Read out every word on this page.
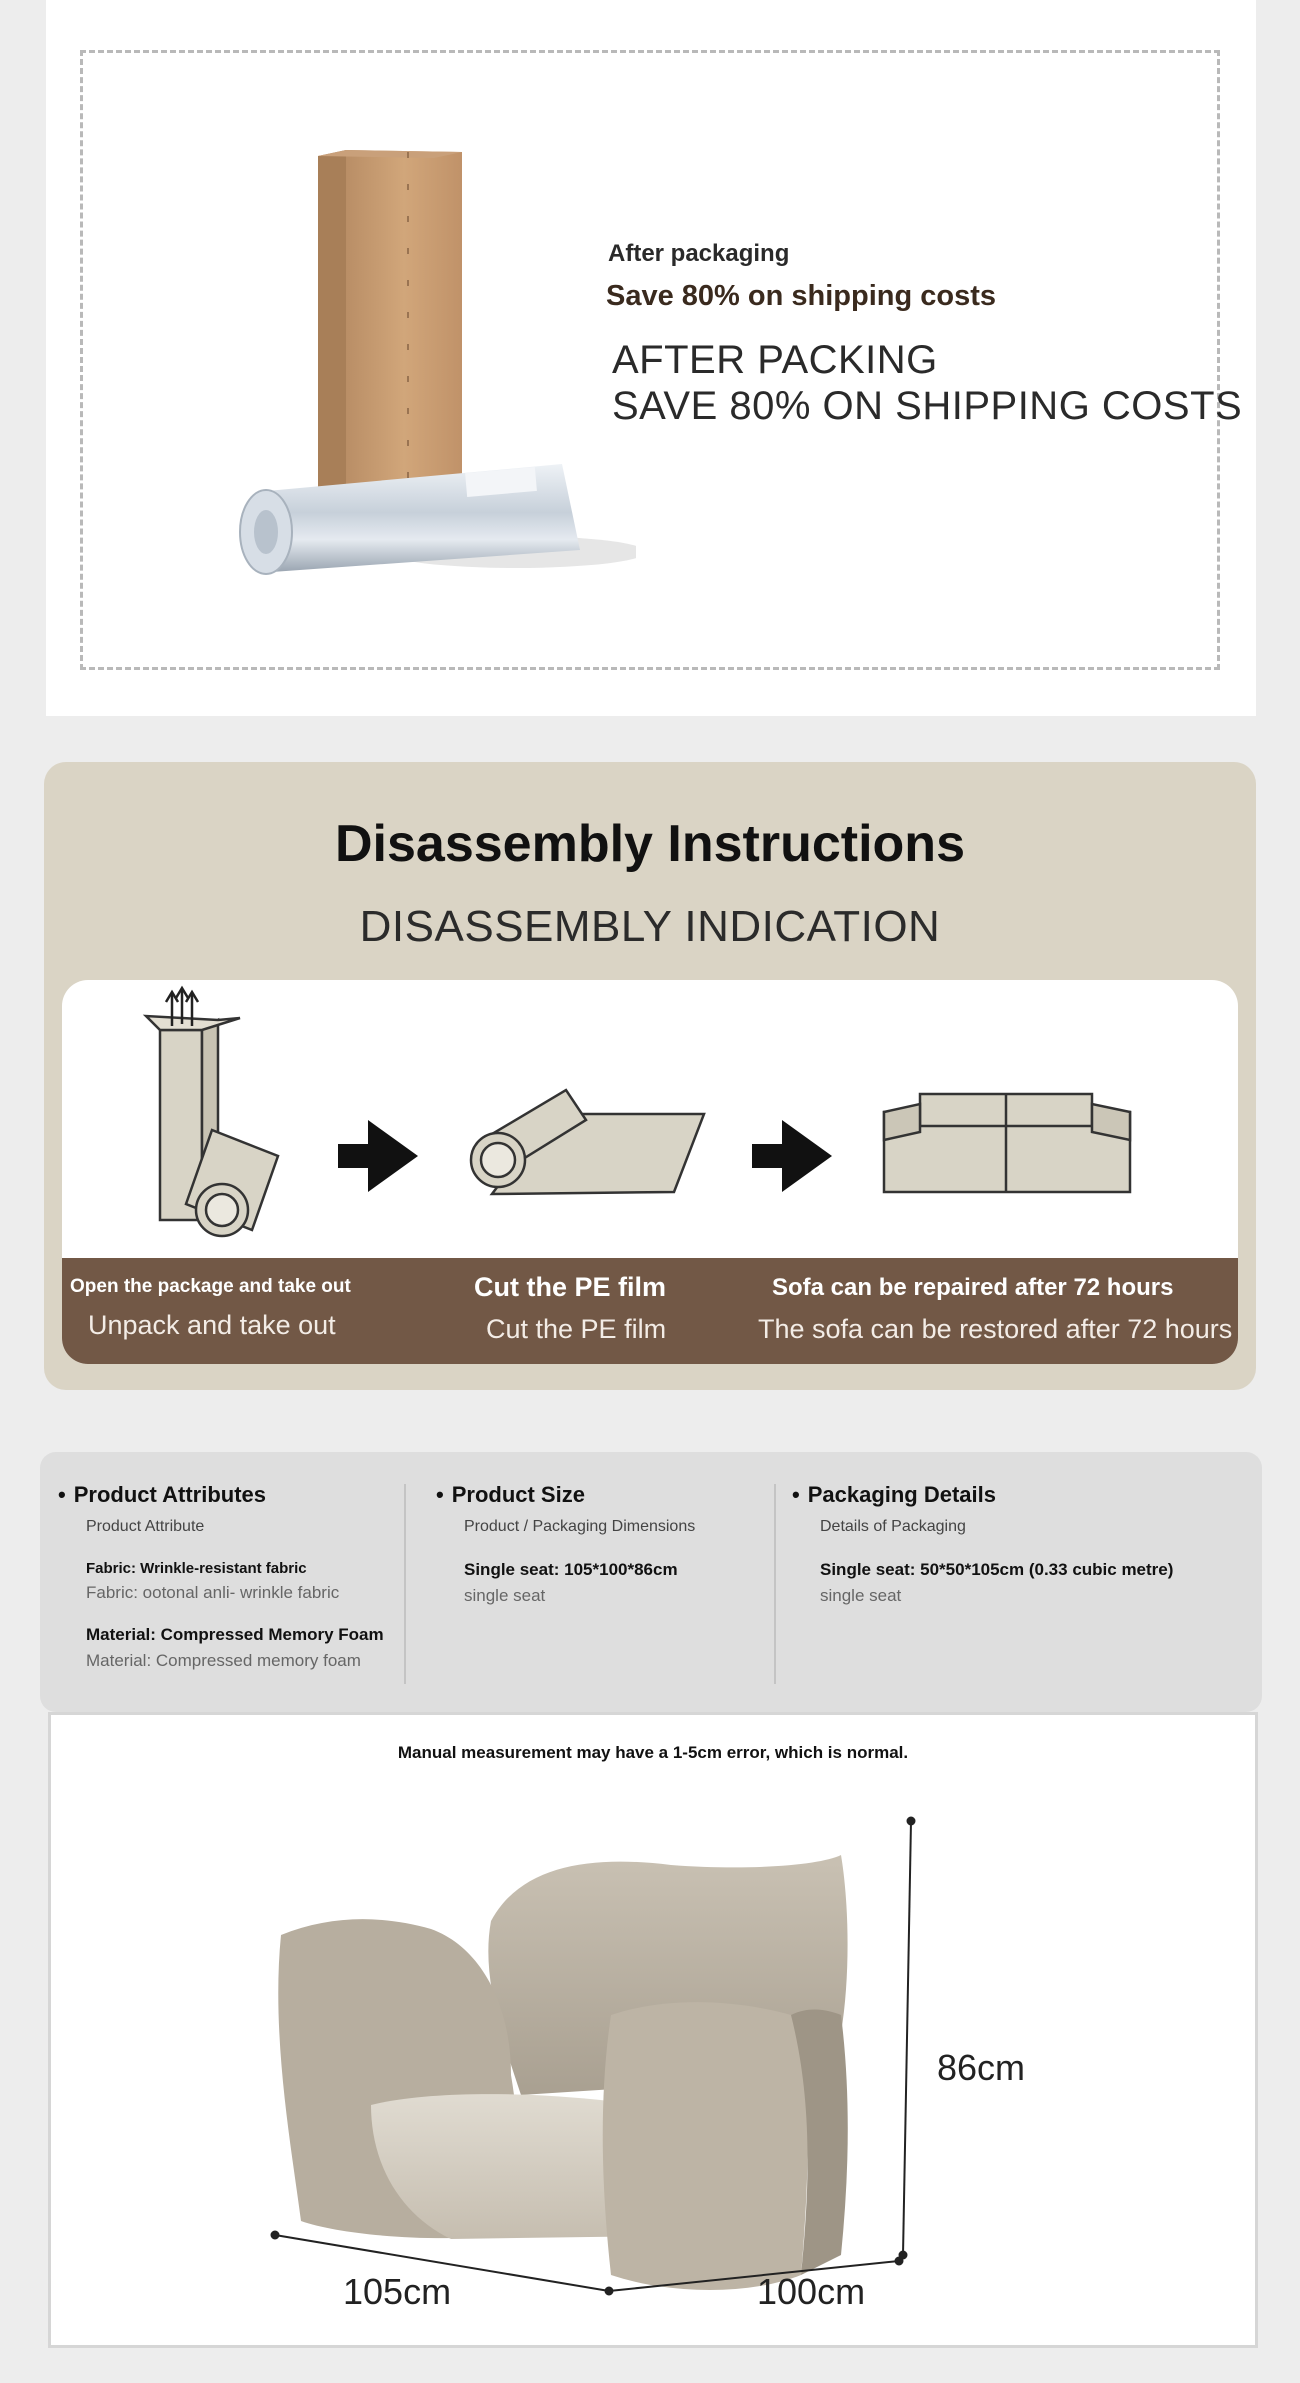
After packaging
Save 80% on shipping costs
AFTER PACKING
SAVE 80% ON SHIPPING COSTS
Disassembly Instructions
DISASSEMBLY INDICATION
Open the package and take out
Unpack and take out
Cut the PE film
Cut the PE film
Sofa can be repaired after 72 hours
The sofa can be restored after 72 hours
• Product Attributes
Product Attribute
Fabric: Wrinkle-resistant fabric
Fabric: ootonal anli- wrinkle fabric
Material: Compressed Memory Foam
Material: Compressed memory foam
• Product Size
Product / Packaging Dimensions
Single seat: 105*100*86cm
single seat
• Packaging Details
Details of Packaging
Single seat: 50*50*105cm (0.33 cubic metre)
single seat
Manual measurement may have a 1-5cm error, which is normal.
86cm
105cm	100cm
